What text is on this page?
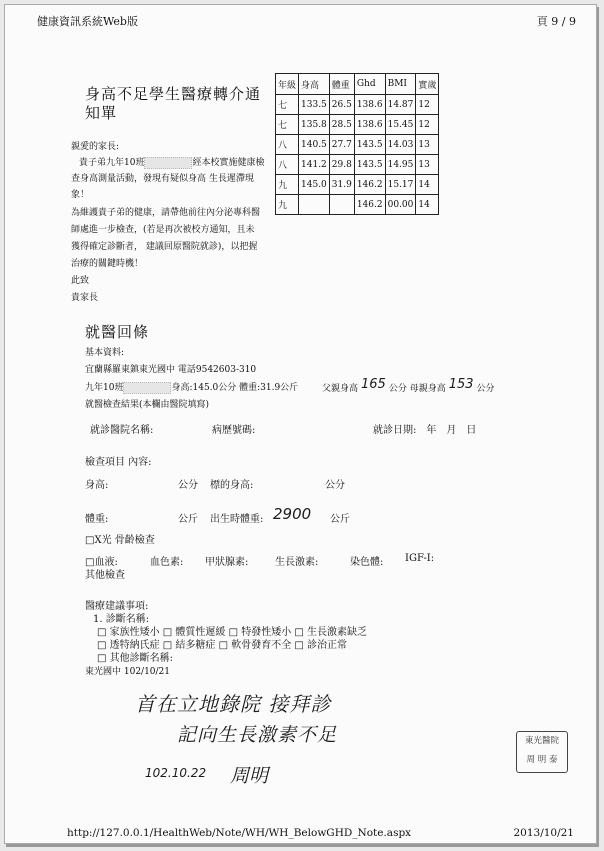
健康資訊系統Web版	頁 9 / 9
身高不足學生醫療轉介通
知單
親愛的家長:
貴子弟九年10班	經本校實施健康檢
查身高測量活動，發現有疑似身高 生長遲滯現
象！
為維護貴子弟的健康，請帶他前往內分泌專科醫
師處進一步檢查，(若是再次被校方通知，且未
獲得確定診斷者， 建議回原醫院就診)，以把握
治療的關鍵時機！
此致
貴家長
年級	身高	體重	Ghd	BMI	實歲
七	133.5	26.5	138.6	14.87	12
七	135.8	28.5	138.6	15.45	12
八	140.5	27.7	143.5	14.03	13
八	141.2	29.8	143.5	14.95	13
九	145.0	31.9	146.2	15.17	14
九			146.2	00.00	14
就醫回條
基本資料:
宜蘭縣羅東鎮東光國中 電話9542603-310
九年10班	身高:145.0公分 體重:31.9公斤	父親身高 165 公分 母親身高 153 公分
就醫檢查結果(本欄由醫院填寫)
就診醫院名稱:	病歷號碼:	就診日期:　年　月　日
檢查項目 內容:
身高:	公分 標的身高:	公分
體重:	公斤 出生時體重: 2900 公斤
□X光 骨齡檢查
□血液:	血色素: 甲狀腺素:	生長激素:	染色體: IGF-I:
其他檢查
醫療建議事項:
1. 診斷名稱:
□ 家族性矮小 □ 體質性遲緩 □ 特發性矮小 □ 生長激素缺乏
□ 透特納氏症 □ 結多糖症 □ 軟骨發育不全 □ 診治正常
□ 其他診斷名稱:
東光國中 102/10/21
首在立地錄院 接拜診
記向生長激素不足
102.10.22 周明
東光醫院
周 明 泰
http://127.0.0.1/HealthWeb/Note/WH/WH_BelowGHD_Note.aspx	2013/10/21
